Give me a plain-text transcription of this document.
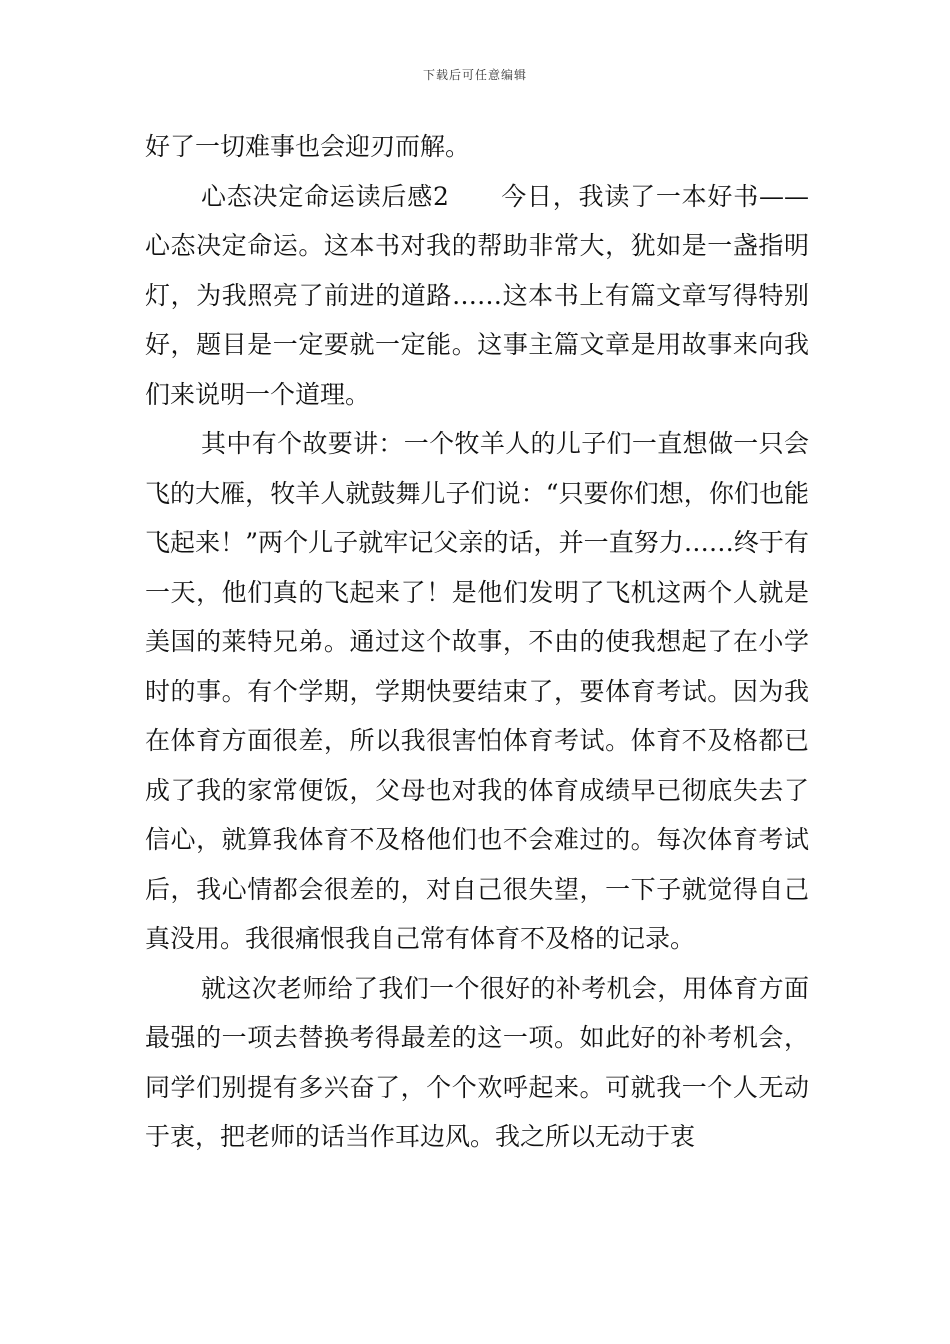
下载后可任意编辑

好了一切难事也会迎刃而解。

心态决定命运读后感2　　今日，我读了一本好书——心态决定命运。这本书对我的帮助非常大，犹如是一盏指明灯，为我照亮了前进的道路……这本书上有篇文章写得特别好，题目是一定要就一定能。这事主篇文章是用故事来向我们来说明一个道理。

其中有个故要讲：一个牧羊人的儿子们一直想做一只会飞的大雁，牧羊人就鼓舞儿子们说：“只要你们想，你们也能飞起来！”两个儿子就牢记父亲的话，并一直努力……终于有一天，他们真的飞起来了！是他们发明了飞机这两个人就是美国的莱特兄弟。通过这个故事，不由的使我想起了在小学时的事。有个学期，学期快要结束了，要体育考试。因为我在体育方面很差，所以我很害怕体育考试。体育不及格都已成了我的家常便饭，父母也对我的体育成绩早已彻底失去了信心，就算我体育不及格他们也不会难过的。每次体育考试后，我心情都会很差的，对自己很失望，一下子就觉得自己真没用。我很痛恨我自己常有体育不及格的记录。

就这次老师给了我们一个很好的补考机会，用体育方面最强的一项去替换考得最差的这一项。如此好的补考机会，同学们别提有多兴奋了，个个欢呼起来。可就我一个人无动于衷，把老师的话当作耳边风。我之所以无动于衷
